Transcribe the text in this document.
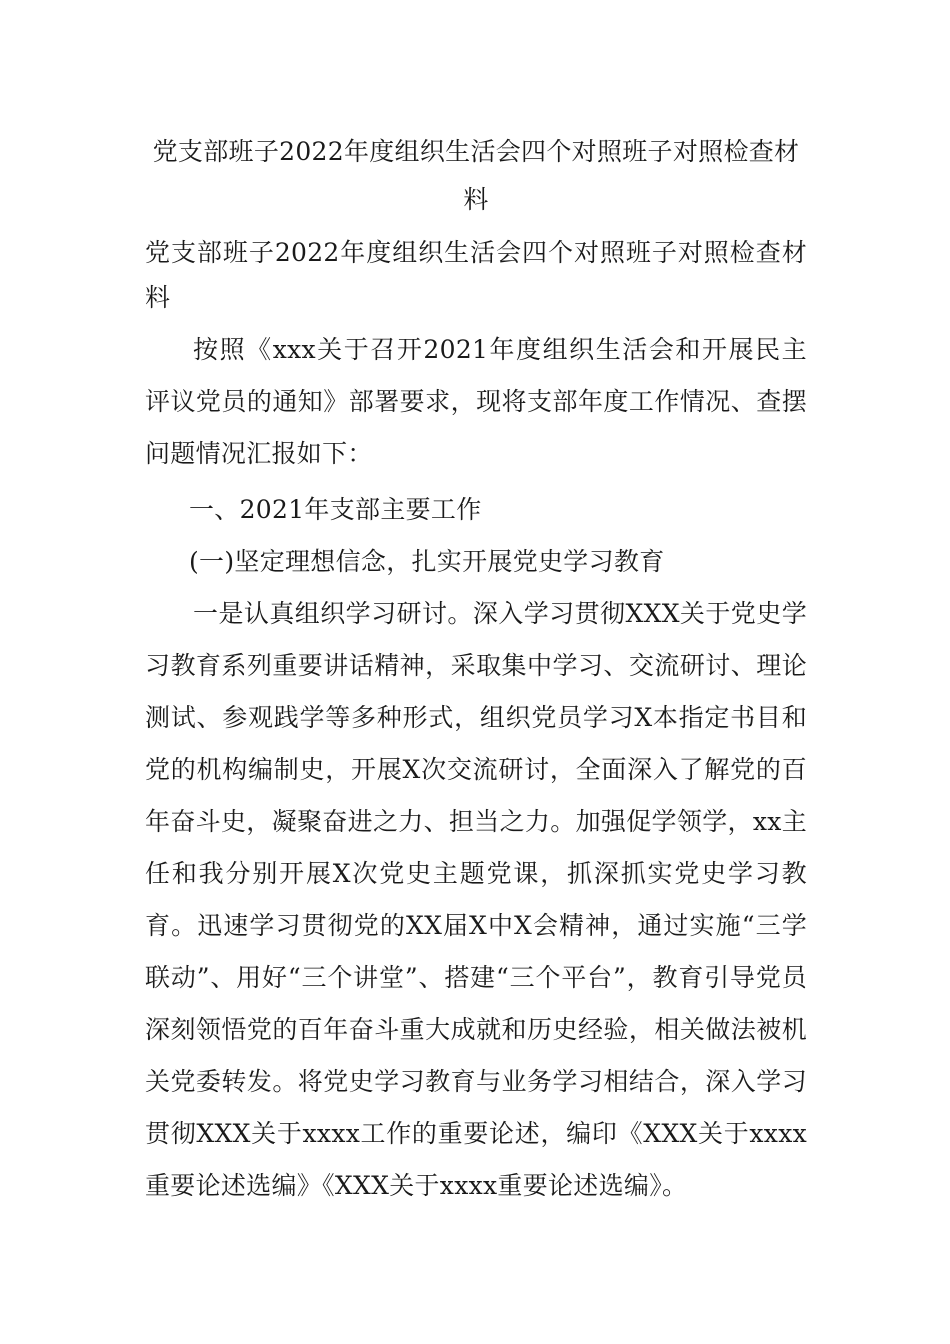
党支部班子2022年度组织生活会四个对照班子对照检查材料

党支部班子2022年度组织生活会四个对照班子对照检查材料

按照《xxx关于召开2021年度组织生活会和开展民主评议党员的通知》部署要求，现将支部年度工作情况、查摆问题情况汇报如下：

一、2021年支部主要工作

(一)坚定理想信念，扎实开展党史学习教育

一是认真组织学习研讨。深入学习贯彻XXX关于党史学习教育系列重要讲话精神，采取集中学习、交流研讨、理论测试、参观践学等多种形式，组织党员学习X本指定书目和党的机构编制史，开展X次交流研讨，全面深入了解党的百年奋斗史，凝聚奋进之力、担当之力。加强促学领学，xx主任和我分别开展X次党史主题党课，抓深抓实党史学习教育。迅速学习贯彻党的XX届X中X会精神，通过实施“三学联动”、用好“三个讲堂”、搭建“三个平台”，教育引导党员深刻领悟党的百年奋斗重大成就和历史经验，相关做法被机关党委转发。将党史学习教育与业务学习相结合，深入学习贯彻XXX关于xxxx工作的重要论述，编印《XXX关于xxxx重要论述选编》《XXX关于xxxx重要论述选编》。
